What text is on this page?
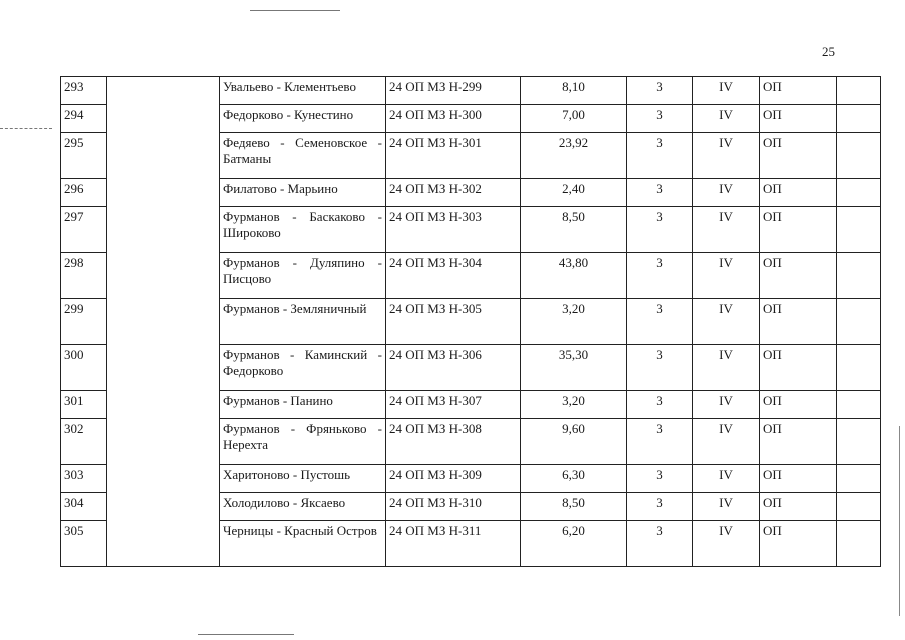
25
293		Увальево - Клементьево	24 ОП МЗ Н-299	8,10	3	IV	ОП	
294		Федорково - Кунестино	24 ОП МЗ Н-300	7,00	3	IV	ОП	
295		Федяево - Семеновское - Батманы	24 ОП МЗ Н-301	23,92	3	IV	ОП	
296		Филатово - Марьино	24 ОП МЗ Н-302	2,40	3	IV	ОП	
297		Фурманов - Баскаково - Широково	24 ОП МЗ Н-303	8,50	3	IV	ОП	
298		Фурманов - Дуляпино - Писцово	24 ОП МЗ Н-304	43,80	3	IV	ОП	
299		Фурманов - Земляничный	24 ОП МЗ Н-305	3,20	3	IV	ОП	
300		Фурманов - Каминский - Федорково	24 ОП МЗ Н-306	35,30	3	IV	ОП	
301		Фурманов - Панино	24 ОП МЗ Н-307	3,20	3	IV	ОП	
302		Фурманов - Фряньково - Нерехта	24 ОП МЗ Н-308	9,60	3	IV	ОП	
303		Харитоново - Пустошь	24 ОП МЗ Н-309	6,30	3	IV	ОП	
304		Холодилово - Яксаево	24 ОП МЗ Н-310	8,50	3	IV	ОП	
305		Черницы - Красный Остров	24 ОП МЗ Н-311	6,20	3	IV	ОП	
